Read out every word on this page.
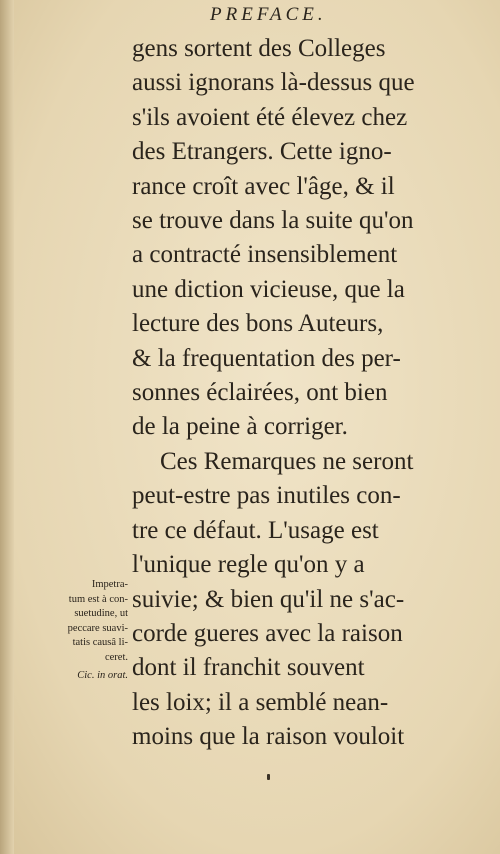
PREFACE.
gens sortent des Colleges
aussi ignorans là-dessus que
s'ils avoient été élevez chez
des Etrangers. Cette igno-
rance croît avec l'âge, & il
se trouve dans la suite qu'on
a contracté insensiblement
une diction vicieuse, que la
lecture des bons Auteurs,
& la frequentation des per-
sonnes éclairées, ont bien
de la peine à corriger.
Ces Remarques ne seront
peut-estre pas inutiles con-
tre ce défaut. L'usage est
l'unique regle qu'on y a
suivie; & bien qu'il ne s'ac-
corde gueres avec la raison
dont il franchit souvent
les loix; il a semblé nean-
moins que la raison vouloit
Impetra-
tum est à con-
suetudine, ut
peccare suavi-
tatis causâ li-
ceret.
Cic. in orat.
